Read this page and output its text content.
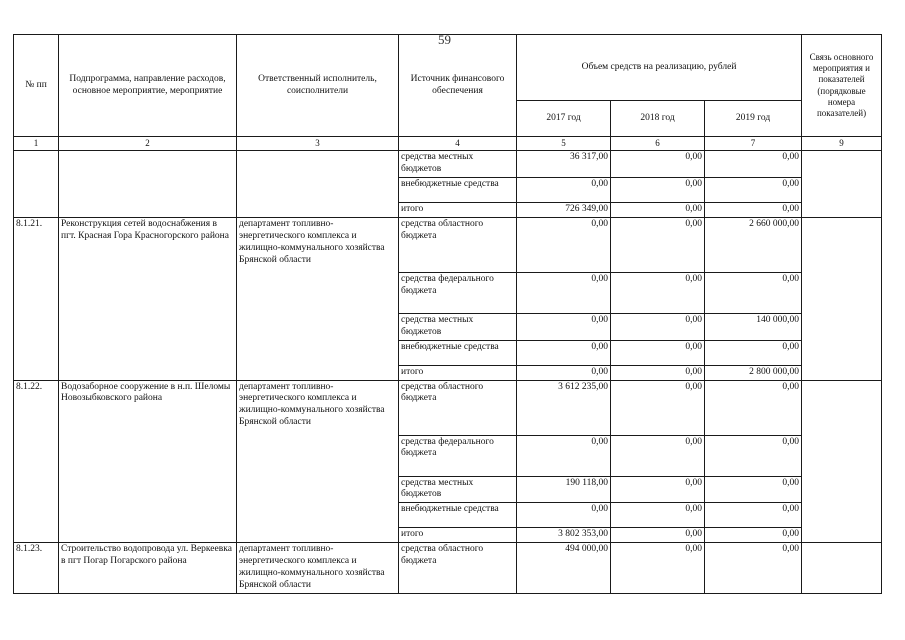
59
№ пп	Подпрограмма, направление расходов, основное мероприятие, мероприятие	Ответственный исполнитель, соисполнители	Источник финансового обеспечения	Объем средств на реализацию, рублей			Связь основного мероприятия и показателей (порядковые номера показателей)
				2017 год	2018 год	2019 год	
1	2	3	4	5	6	7	9
			средства местных бюджетов	36 317,00	0,00	0,00	
			внебюджетные средства	0,00	0,00	0,00	
			итого	726 349,00	0,00	0,00	
8.1.21.	Реконструкция сетей водоснабжения в пгт. Красная Гора Красногорского района	департамент топливно-энергетического комплекса и жилищно-коммунального хозяйства Брянской области	средства областного бюджета	0,00	0,00	2 660 000,00	
			средства федерального бюджета	0,00	0,00	0,00	
			средства местных бюджетов	0,00	0,00	140 000,00	
			внебюджетные средства	0,00	0,00	0,00	
			итого	0,00	0,00	2 800 000,00	
8.1.22.	Водозаборное сооружение в н.п. Шеломы Новозыбковского района	департамент топливно-энергетического комплекса и жилищно-коммунального хозяйства Брянской области	средства областного бюджета	3 612 235,00	0,00	0,00	
			средства федерального бюджета	0,00	0,00	0,00	
			средства местных бюджетов	190 118,00	0,00	0,00	
			внебюджетные средства	0,00	0,00	0,00	
			итого	3 802 353,00	0,00	0,00	
8.1.23.	Строительство водопровода ул. Веркеевка в пгт Погар Погарского района	департамент топливно-энергетического комплекса и жилищно-коммунального хозяйства Брянской области	средства областного бюджета	494 000,00	0,00	0,00	
